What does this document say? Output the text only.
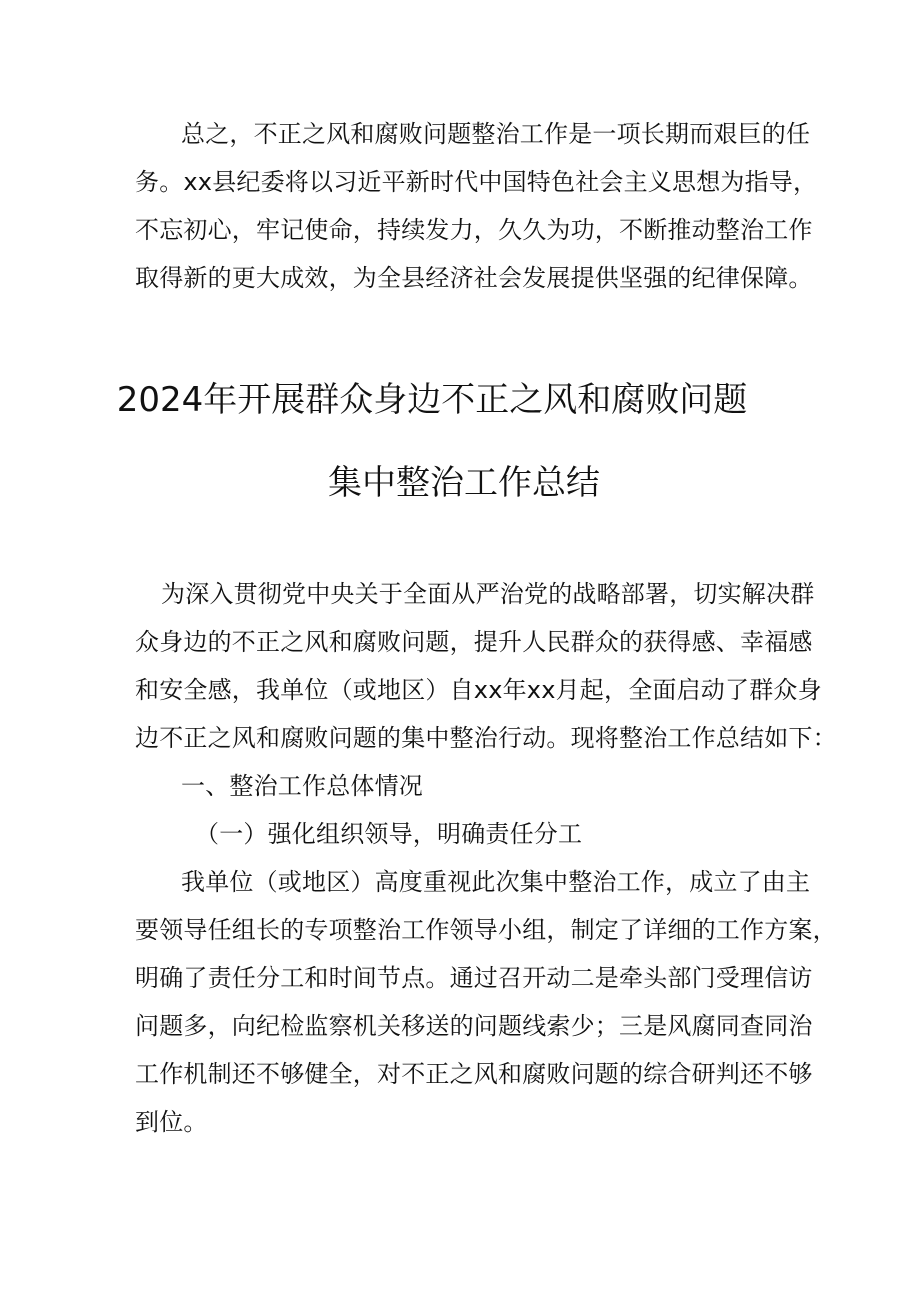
总之，不正之风和腐败问题整治工作是一项长期而艰巨的任
务。xx县纪委将以习近平新时代中国特色社会主义思想为指导，
不忘初心，牢记使命，持续发力，久久为功，不断推动整治工作
取得新的更大成效，为全县经济社会发展提供坚强的纪律保障。
2024年开展群众身边不正之风和腐败问题
集中整治工作总结
为深入贯彻党中央关于全面从严治党的战略部署，切实解决群
众身边的不正之风和腐败问题，提升人民群众的获得感、幸福感
和安全感，我单位（或地区）自xx年xx月起，全面启动了群众身
边不正之风和腐败问题的集中整治行动。现将整治工作总结如下：
一、整治工作总体情况
（一）强化组织领导，明确责任分工
我单位（或地区）高度重视此次集中整治工作，成立了由主
要领导任组长的专项整治工作领导小组，制定了详细的工作方案，
明确了责任分工和时间节点。通过召开动二是牵头部门受理信访
问题多，向纪检监察机关移送的问题线索少；三是风腐同查同治
工作机制还不够健全，对不正之风和腐败问题的综合研判还不够
到位。
